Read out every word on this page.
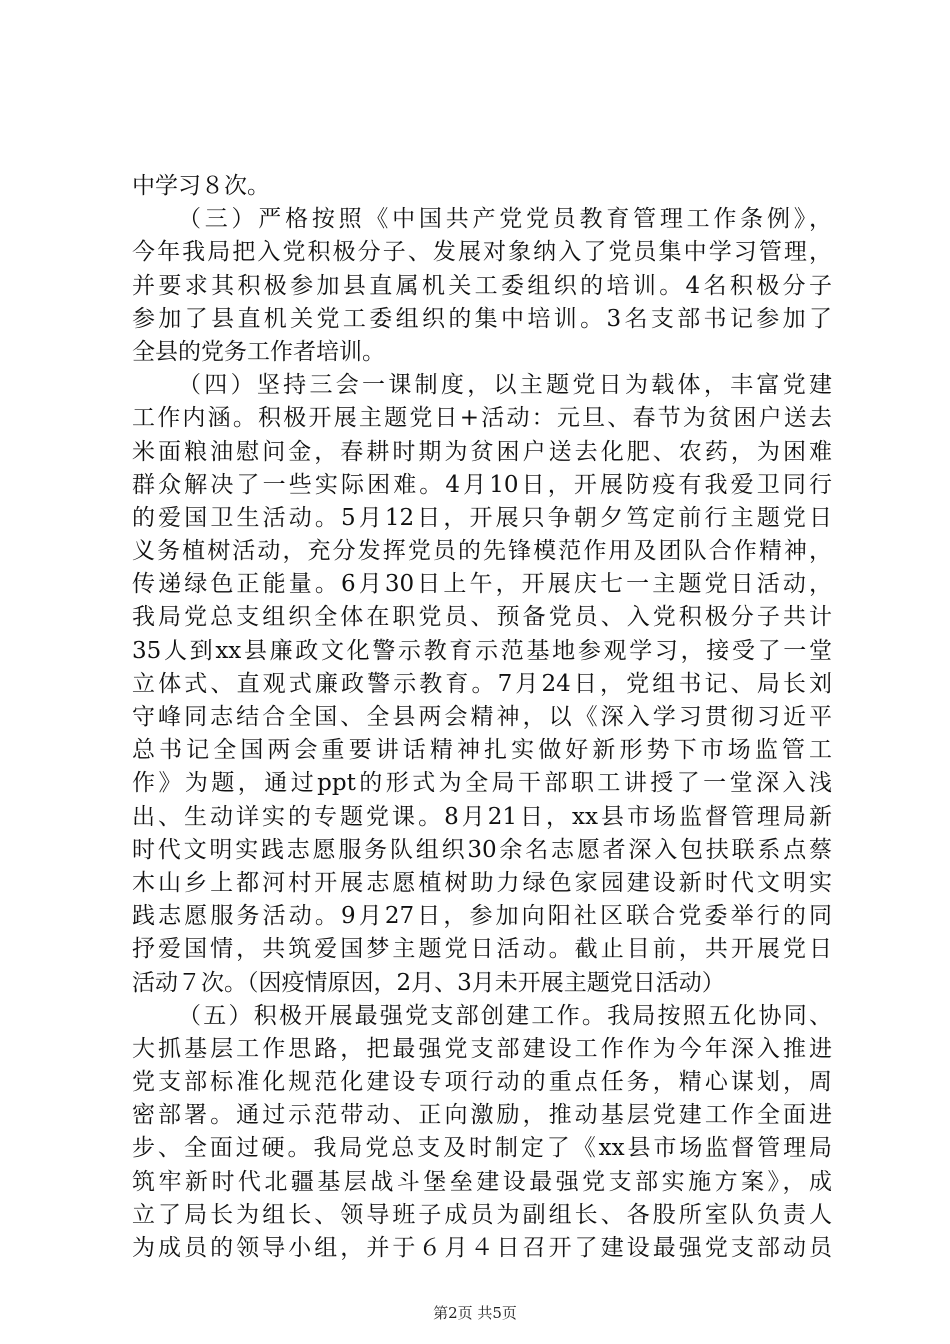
中学习８次。
（三）严格按照《中国共产党党员教育管理工作条例》，
今年我局把入党积极分子、发展对象纳入了党员集中学习管理，
并要求其积极参加县直属机关工委组织的培训。4名积极分子
参加了县直机关党工委组织的集中培训。3名支部书记参加了
全县的党务工作者培训。
（四）坚持三会一课制度，以主题党日为载体，丰富党建
工作内涵。积极开展主题党日+活动：元旦、春节为贫困户送去
米面粮油慰问金，春耕时期为贫困户送去化肥、农药，为困难
群众解决了一些实际困难。4月10日，开展防疫有我爱卫同行
的爱国卫生活动。5月12日，开展只争朝夕笃定前行主题党日
义务植树活动，充分发挥党员的先锋模范作用及团队合作精神，
传递绿色正能量。6月30日上午，开展庆七一主题党日活动，
我局党总支组织全体在职党员、预备党员、入党积极分子共计
35人到xx县廉政文化警示教育示范基地参观学习，接受了一堂
立体式、直观式廉政警示教育。7月24日，党组书记、局长刘
守峰同志结合全国、全县两会精神，以《深入学习贯彻习近平
总书记全国两会重要讲话精神扎实做好新形势下市场监管工
作》为题，通过ppt的形式为全局干部职工讲授了一堂深入浅
出、生动详实的专题党课。8月21日，xx县市场监督管理局新
时代文明实践志愿服务队组织30余名志愿者深入包扶联系点蔡
木山乡上都河村开展志愿植树助力绿色家园建设新时代文明实
践志愿服务活动。9月27日，参加向阳社区联合党委举行的同
抒爱国情，共筑爱国梦主题党日活动。截止目前，共开展党日
活动７次。（因疫情原因，2月、3月未开展主题党日活动）
（五）积极开展最强党支部创建工作。我局按照五化协同、
大抓基层工作思路，把最强党支部建设工作作为今年深入推进
党支部标准化规范化建设专项行动的重点任务，精心谋划，周
密部署。通过示范带动、正向激励，推动基层党建工作全面进
步、全面过硬。我局党总支及时制定了《xx县市场监督管理局
筑牢新时代北疆基层战斗堡垒建设最强党支部实施方案》，成
立了局长为组长、领导班子成员为副组长、各股所室队负责人
为成员的领导小组，并于６月４日召开了建设最强党支部动员
第2页 共5页
